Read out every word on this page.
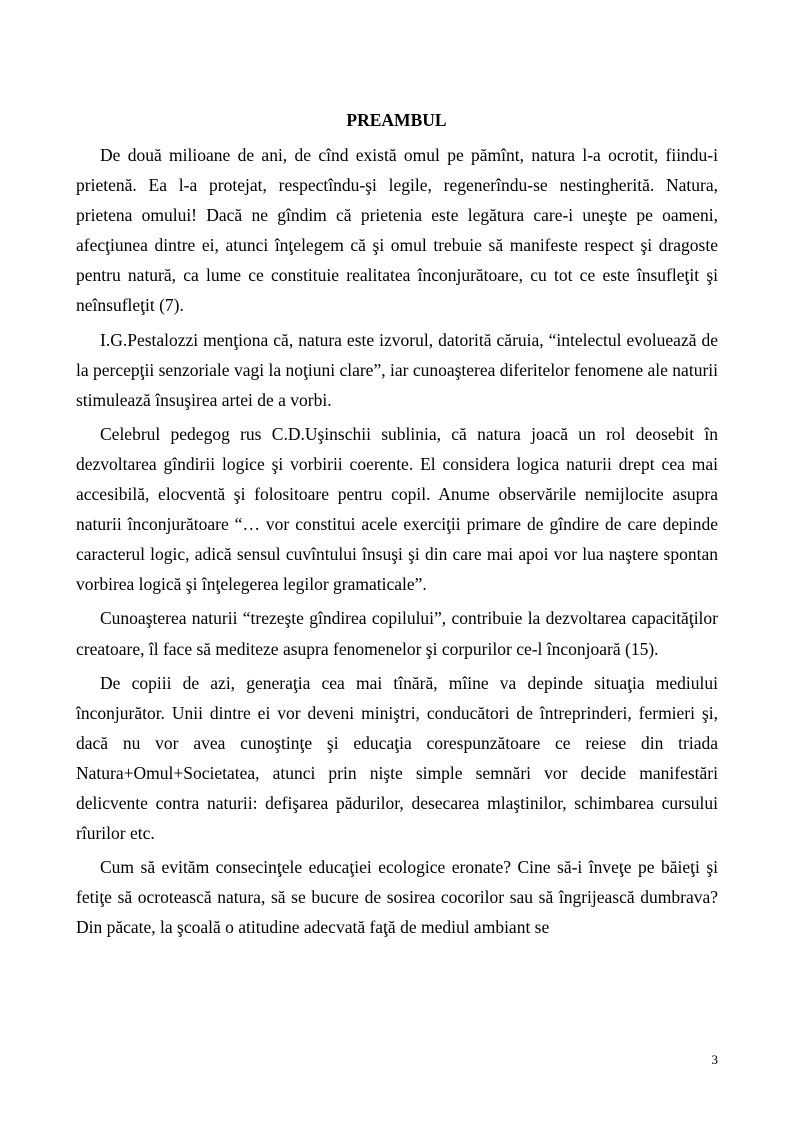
PREAMBUL

De două milioane de ani, de cînd există omul pe pămînt, natura l-a ocrotit, fiindu-i prietenă. Ea l-a protejat, respectîndu-şi legile, regenerîndu-se nestingherită. Natura, prietena omului! Dacă ne gîndim că prietenia este legătura care-i uneşte pe oameni, afecţiunea dintre ei, atunci înţelegem că şi omul trebuie să manifeste respect şi dragoste pentru natură, ca lume ce constituie realitatea înconjurătoare, cu tot ce este însufleţit şi neînsufleţit (7).

I.G.Pestalozzi menţiona că, natura este izvorul, datorită căruia, “intelectul evoluează de la percepţii senzoriale vagi la noţiuni clare”, iar cunoaşterea diferitelor fenomene ale naturii stimulează însuşirea artei de a vorbi.

Celebrul pedegog rus C.D.Uşinschii sublinia, că natura joacă un rol deosebit în dezvoltarea gîndirii logice şi vorbirii coerente. El considera logica naturii drept cea mai accesibilă, elocventă şi folositoare pentru copil. Anume observările nemijlocite asupra naturii înconjurătoare “… vor constitui acele exerciţii primare de gîndire de care depinde caracterul logic, adică sensul cuvîntului însuşi şi din care mai apoi vor lua naştere spontan vorbirea logică şi înţelegerea legilor gramaticale”.

Cunoaşterea naturii “trezeşte gîndirea copilului”, contribuie la dezvoltarea capacităţilor creatoare, îl face să mediteze asupra fenomenelor şi corpurilor ce-l înconjoară (15).

De copiii de azi, generaţia cea mai tînără, mîine va depinde situaţia mediului înconjurător. Unii dintre ei vor deveni miniştri, conducători de întreprinderi, fermieri şi, dacă nu vor avea cunoştinţe şi educaţia corespunzătoare ce reiese din triada Natura+Omul+Societatea, atunci prin nişte simple semnări vor decide manifestări delicvente contra naturii: defişarea pădurilor, desecarea mlaştinilor, schimbarea cursului rîurilor etc.

Cum să evităm consecinţele educaţiei ecologice eronate? Cine să-i înveţe pe băieţi şi fetiţe să ocrotească natura, să se bucure de sosirea cocorilor sau să îngrijească dumbrava? Din păcate, la şcoală o atitudine adecvată faţă de mediul ambiant se

3
